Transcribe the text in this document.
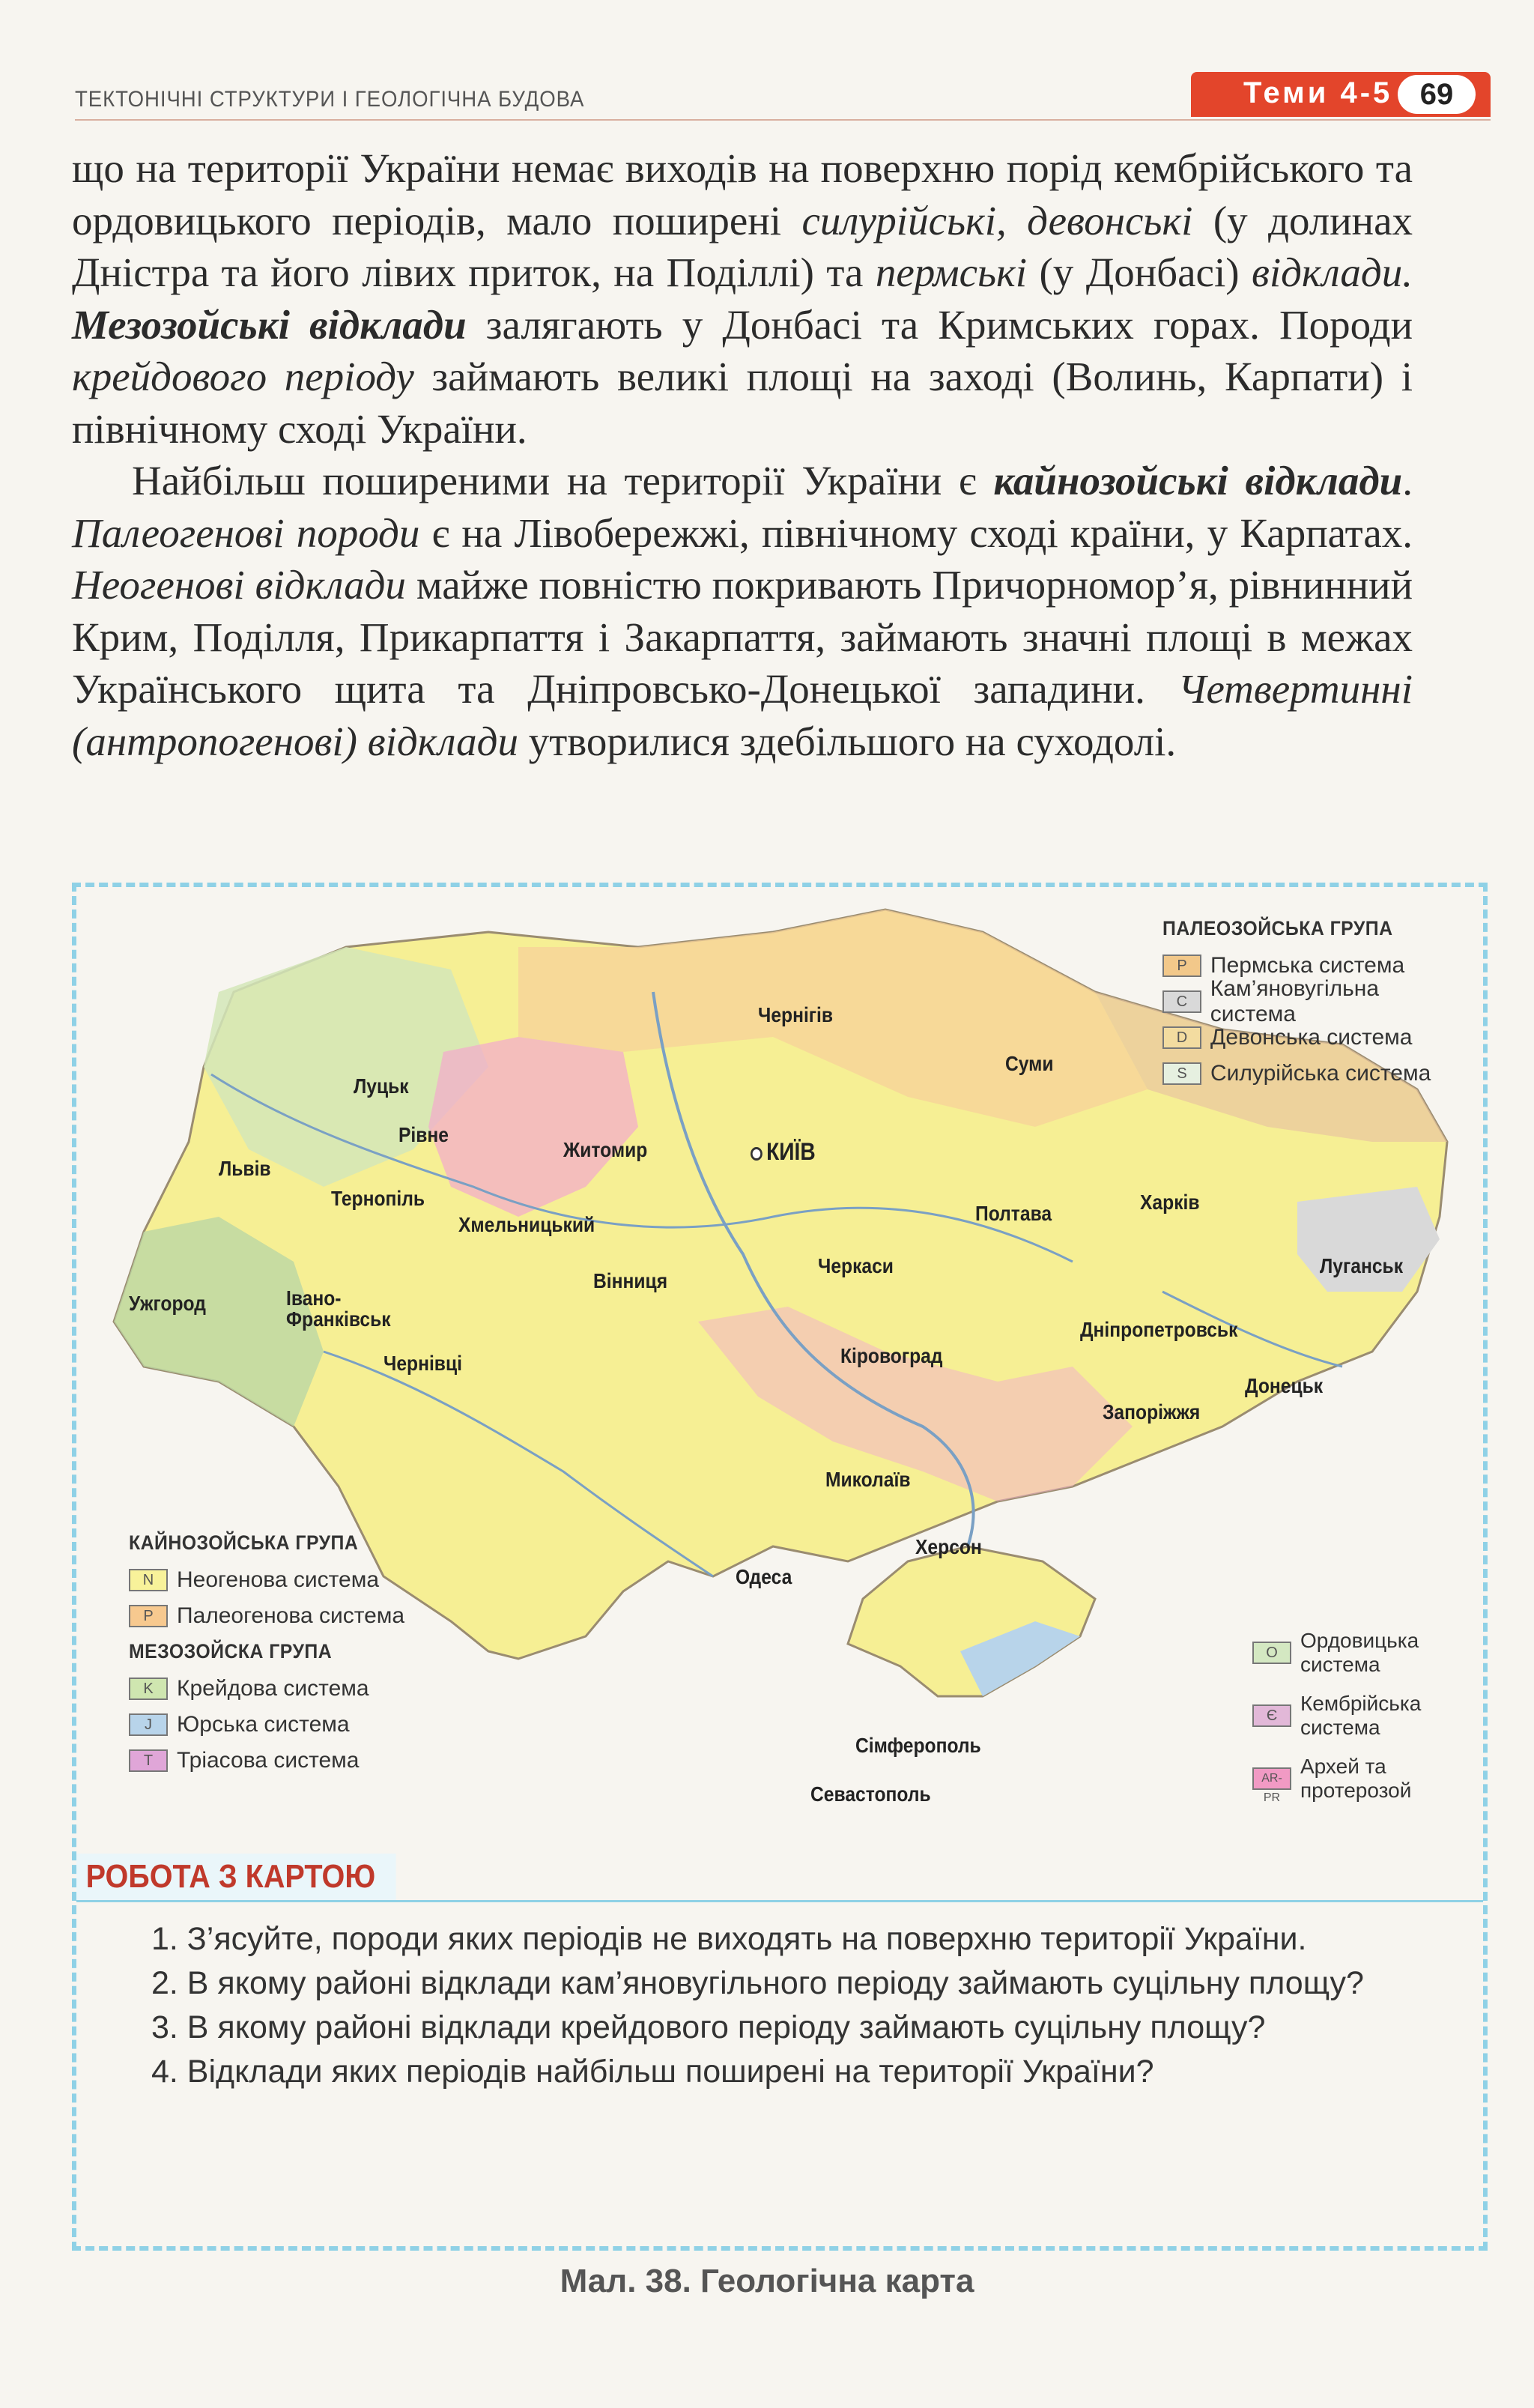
ТЕКТОНІЧНІ СТРУКТУРИ І ГЕОЛОГІЧНА БУДОВА	Теми 4-5 69

що на території України немає виходів на поверхню порід кембрійського та ордовицького періодів, мало поширені силурійські, девонські (у долинах Дністра та його лівих приток, на Поділлі) та пермські (у Донбасі) відклади. Мезозойські відклади залягають у Донбасі та Кримських горах. Породи крейдового періоду займають великі площі на заході (Волинь, Карпати) і північному сході України.

Найбільш поширеними на території України є кайнозойські відклади. Палеогенові породи є на Лівобережжі, північному сході країни, у Карпатах. Неогенові відклади майже повністю покривають Причорномор’я, рівнинний Крим, Поділля, Прикарпаття і Закарпаття, займають значні площі в межах Українського щита та Дніпровсько-Донецької западини. Четвертинні (антропогенові) відклади утворилися здебільшого на суходолі.

Луцьк
Рівне
Житомир	КИЇВ
Чернігів
Суми
Львів
Тернопіль
Хмельницький
Вінниця
Ужгород	Івано-Франківськ
Чернівці
Черкаси
Полтава	Харків
Луганськ
Кіровоград
Дніпропетровськ
Донецьк
Запоріжжя
Миколаїв
Херсон
Одеса
Сімферополь
Севастополь
ПАЛЕОЗОЙСЬКА ГРУПА
P	Пермська система
C
Кам’яновугільна система
D	Девонська система
S	Силурійська система
КАЙНОЗОЙСЬКА ГРУПА
N	Неогенова система
P	Палеогенова система
МЕЗОЗОЙСКА ГРУПА
K	Крейдова система
J	Юрська система
T	Тріасова система
O
Ордовицька система
Є
Кембрійська система
AR-PR
Архей та протерозой
РОБОТА З КАРТОЮ
1. З’ясуйте, породи яких періодів не виходять на поверхню території України.
2. В якому районі відклади кам’яновугільного періоду займають суцільну площу?
3. В якому районі відклади крейдового періоду займають суцільну площу?
4. Відклади яких періодів найбільш поширені на території України?
Мал. 38. Геологічна карта
